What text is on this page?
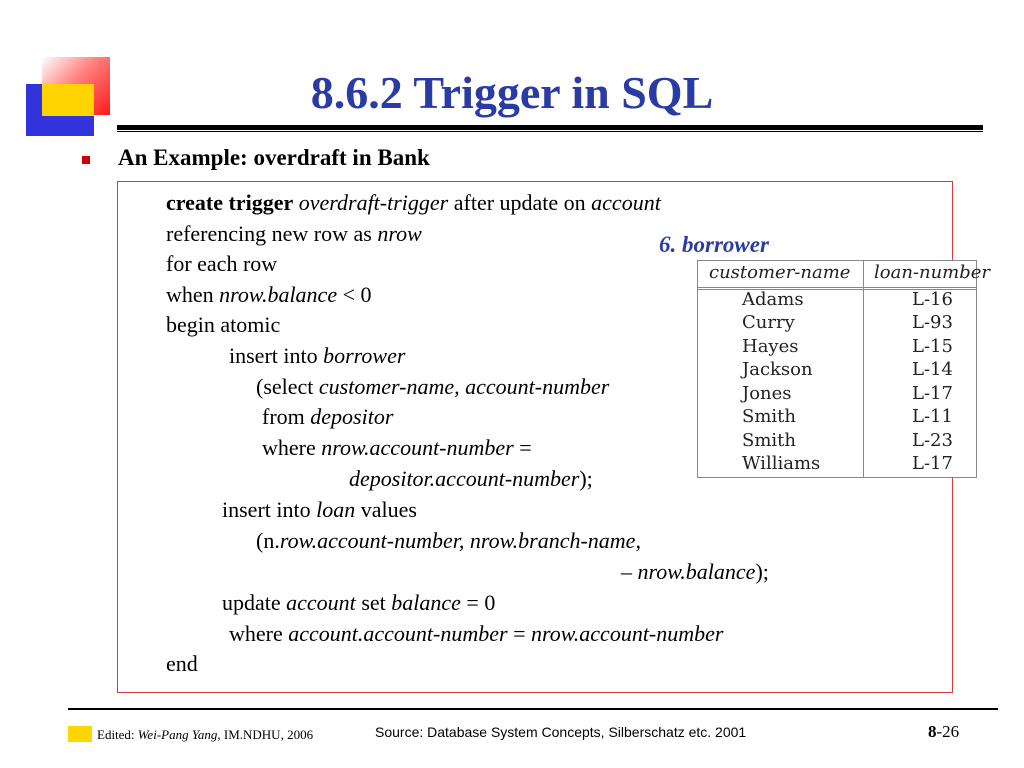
8.6.2 Trigger in SQL
An Example: overdraft in Bank
create trigger overdraft-trigger after update on account
referencing new row as nrow
for each row
when nrow.balance < 0
begin atomic
insert into borrower
(select customer-name, account-number
from depositor
where nrow.account-number =
depositor.account-number);
insert into loan values
(n.row.account-number, nrow.branch-name,
– nrow.balance);
update account set balance = 0
where account.account-number = nrow.account-number
end
6. borrower
customer-name loan-number
Adams	L-16
Curry	L-93
Hayes	L-15
Jackson	L-14
Jones	L-17
Smith	L-11
Smith	L-23
Williams	L-17
Edited: Wei-Pang Yang, IM.NDHU, 2006	Source: Database System Concepts, Silberschatz etc. 2001	8-26
